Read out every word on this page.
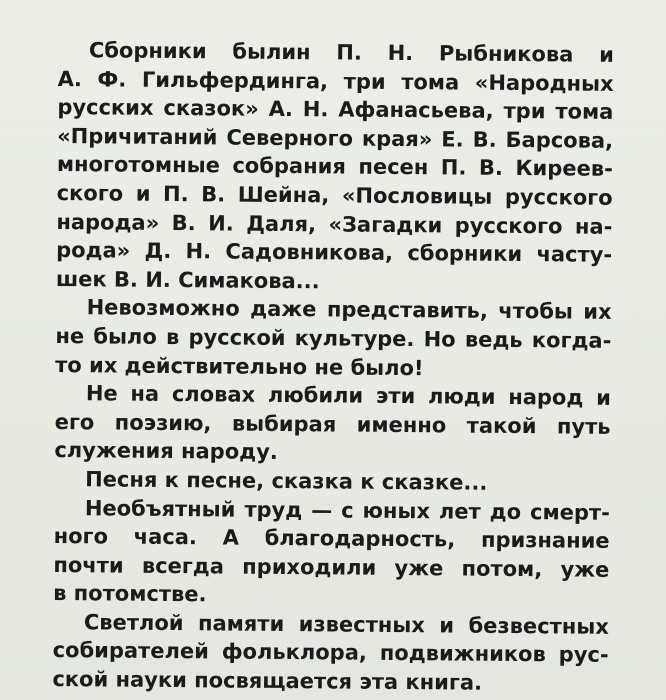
Сборники былин П. Н. Рыбникова и
А. Ф. Гильфердинга, три тома «Народных
русских сказок» А. Н. Афанасьева, три тома
«Причитаний Северного края» Е. В. Барсова,
многотомные собрания песен П. В. Киреев-
ского и П. В. Шейна, «Пословицы русского
народа» В. И. Даля, «Загадки русского на-
рода» Д. Н. Садовникова, сборники часту-
шек В. И. Симакова...
Невозможно даже представить, чтобы их
не было в русской культуре. Но ведь когда-
то их действительно не было!
Не на словах любили эти люди народ и
его поэзию, выбирая именно такой путь
служения народу.
Песня к песне, сказка к сказке...
Необъятный труд — с юных лет до смерт-
ного часа. А благодарность, признание
почти всегда приходили уже потом, уже
в потомстве.
Светлой памяти известных и безвестных
собирателей фольклора, подвижников рус-
ской науки посвящается эта книга.
